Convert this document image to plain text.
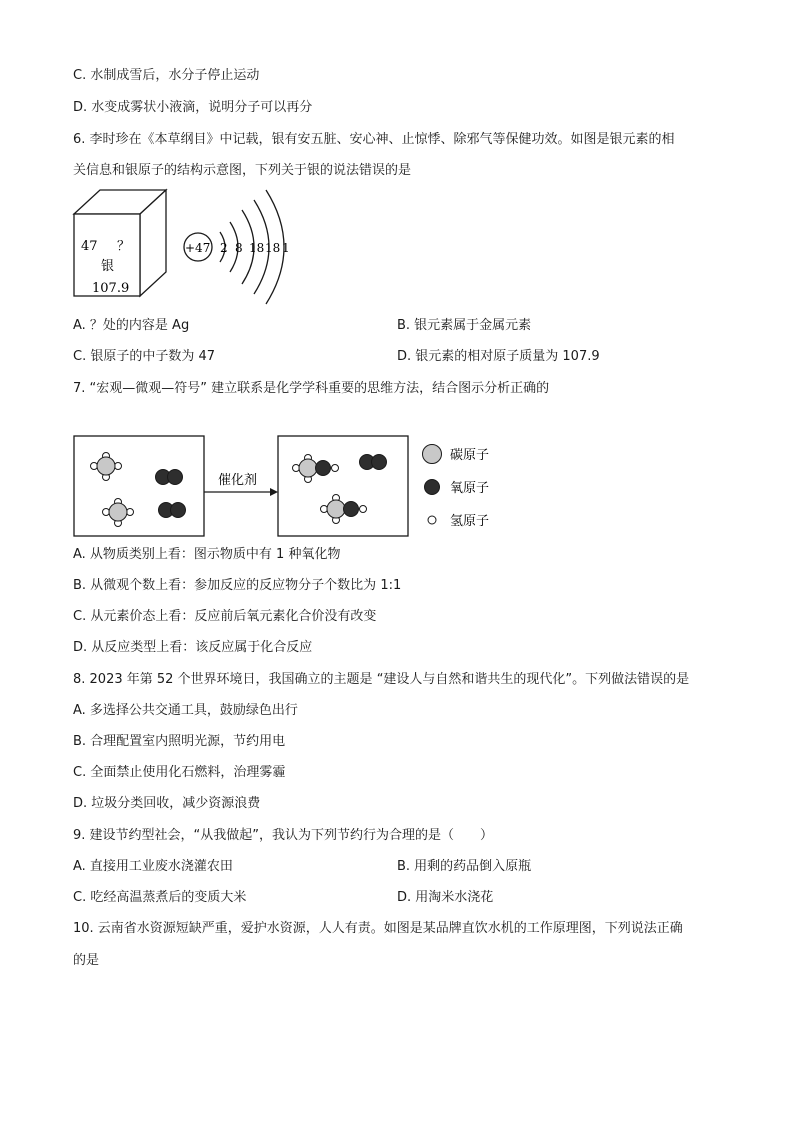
C. 水制成雪后，水分子停止运动
D. 水变成雾状小液滴，说明分子可以再分
6. 李时珍在《本草纲目》中记载，银有安五脏、安心神、止惊悸、除邪气等保健功效。如图是银元素的相
关信息和银原子的结构示意图，下列关于银的说法错误的是
47 ？
银
107.9
+47 2 8 18 18 1
A. ？处的内容是 Ag	B. 银元素属于金属元素
C. 银原子的中子数为 47	D. 银元素的相对原子质量为 107.9
7. “宏观—微观—符号” 建立联系是化学学科重要的思维方法，结合图示分析正确的
催化剂
碳原子
氧原子
氢原子
A. 从物质类别上看：图示物质中有 1 种氧化物
B. 从微观个数上看：参加反应的反应物分子个数比为 1:1
C. 从元素价态上看：反应前后氧元素化合价没有改变
D. 从反应类型上看：该反应属于化合反应
8. 2023 年第 52 个世界环境日，我国确立的主题是 “建设人与自然和谐共生的现代化”。下列做法错误的是
A. 多选择公共交通工具，鼓励绿色出行
B. 合理配置室内照明光源，节约用电
C. 全面禁止使用化石燃料，治理雾霾
D. 垃圾分类回收，减少资源浪费
9. 建设节约型社会，“从我做起”，我认为下列节约行为合理的是（　　）
A. 直接用工业废水浇灌农田	B. 用剩的药品倒入原瓶
C. 吃经高温蒸煮后的变质大米	D. 用淘米水浇花
10. 云南省水资源短缺严重，爱护水资源，人人有责。如图是某品牌直饮水机的工作原理图，下列说法正确
的是
